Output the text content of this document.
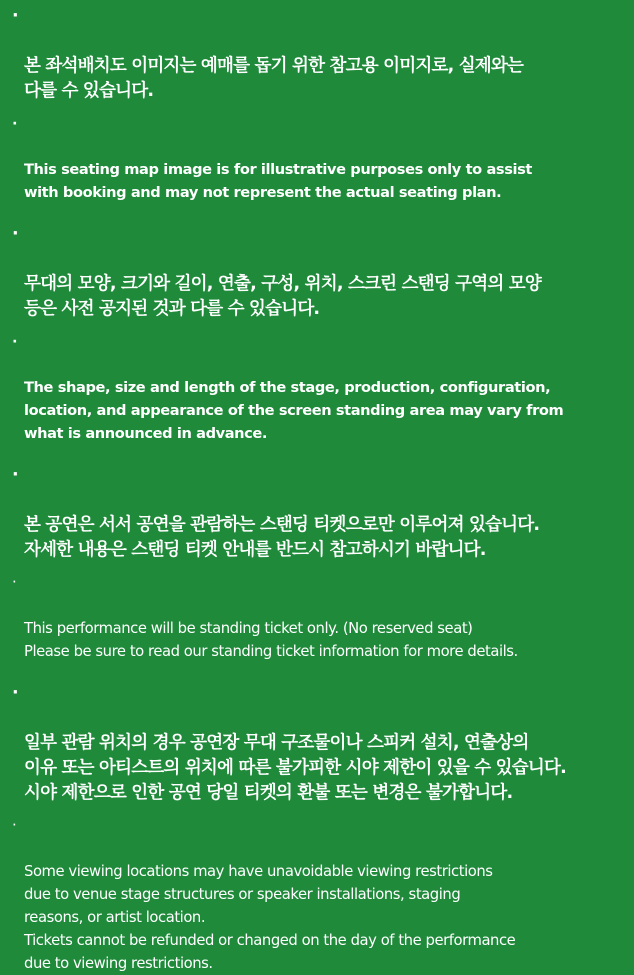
·

본 좌석배치도 이미지는 예매를 돕기 위한 참고용 이미지로, 실제와는
다를 수 있습니다.

·

This seating map image is for illustrative purposes only to assist
with booking and may not represent the actual seating plan.

·

무대의 모양, 크기와 길이, 연출, 구성, 위치, 스크린 스탠딩 구역의 모양
등은 사전 공지된 것과 다를 수 있습니다.

·

The shape, size and length of the stage, production, configuration,
location, and appearance of the screen standing area may vary from
what is announced in advance.

·

본 공연은 서서 공연을 관람하는 스탠딩 티켓으로만 이루어져 있습니다.
자세한 내용은 스탠딩 티켓 안내를 반드시 참고하시기 바랍니다.

·

This performance will be standing ticket only. (No reserved seat)
Please be sure to read our standing ticket information for more details.

·

일부 관람 위치의 경우 공연장 무대 구조물이나 스피커 설치, 연출상의
이유 또는 아티스트의 위치에 따른 불가피한 시야 제한이 있을 수 있습니다.
시야 제한으로 인한 공연 당일 티켓의 환불 또는 변경은 불가합니다.

·

Some viewing locations may have unavoidable viewing restrictions
due to venue stage structures or speaker installations, staging
reasons, or artist location.
Tickets cannot be refunded or changed on the day of the performance
due to viewing restrictions.
